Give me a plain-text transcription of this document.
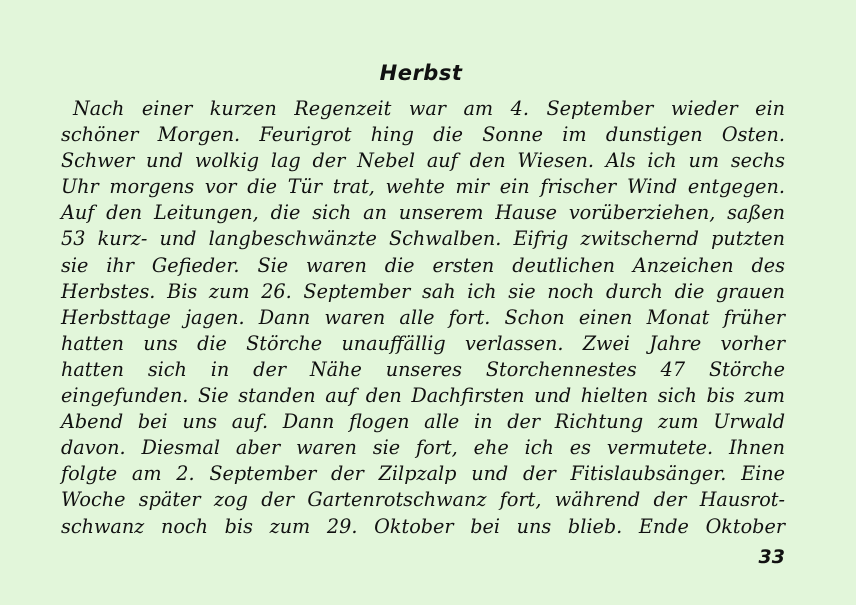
Herbst
Nach einer kurzen Regenzeit war am 4. September wieder ein
schöner Morgen. Feurigrot hing die Sonne im dunstigen Osten.
Schwer und wolkig lag der Nebel auf den Wiesen. Als ich um sechs
Uhr morgens vor die Tür trat, wehte mir ein frischer Wind entgegen.
Auf den Leitungen, die sich an unserem Hause vorüberziehen, saßen
53 kurz- und langbeschwänzte Schwalben. Eifrig zwitschernd putzten
sie ihr Gefieder. Sie waren die ersten deutlichen Anzeichen des
Herbstes. Bis zum 26. September sah ich sie noch durch die grauen
Herbsttage jagen. Dann waren alle fort. Schon einen Monat früher
hatten uns die Störche unauffällig verlassen. Zwei Jahre vorher
hatten sich in der Nähe unseres Storchennestes 47 Störche
eingefunden. Sie standen auf den Dachfirsten und hielten sich bis zum
Abend bei uns auf. Dann flogen alle in der Richtung zum Urwald
davon. Diesmal aber waren sie fort, ehe ich es vermutete. Ihnen
folgte am 2. September der Zilpzalp und der Fitislaubsänger. Eine
Woche später zog der Gartenrotschwanz fort, während der Hausrot-
schwanz noch bis zum 29. Oktober bei uns blieb. Ende Oktober
33
